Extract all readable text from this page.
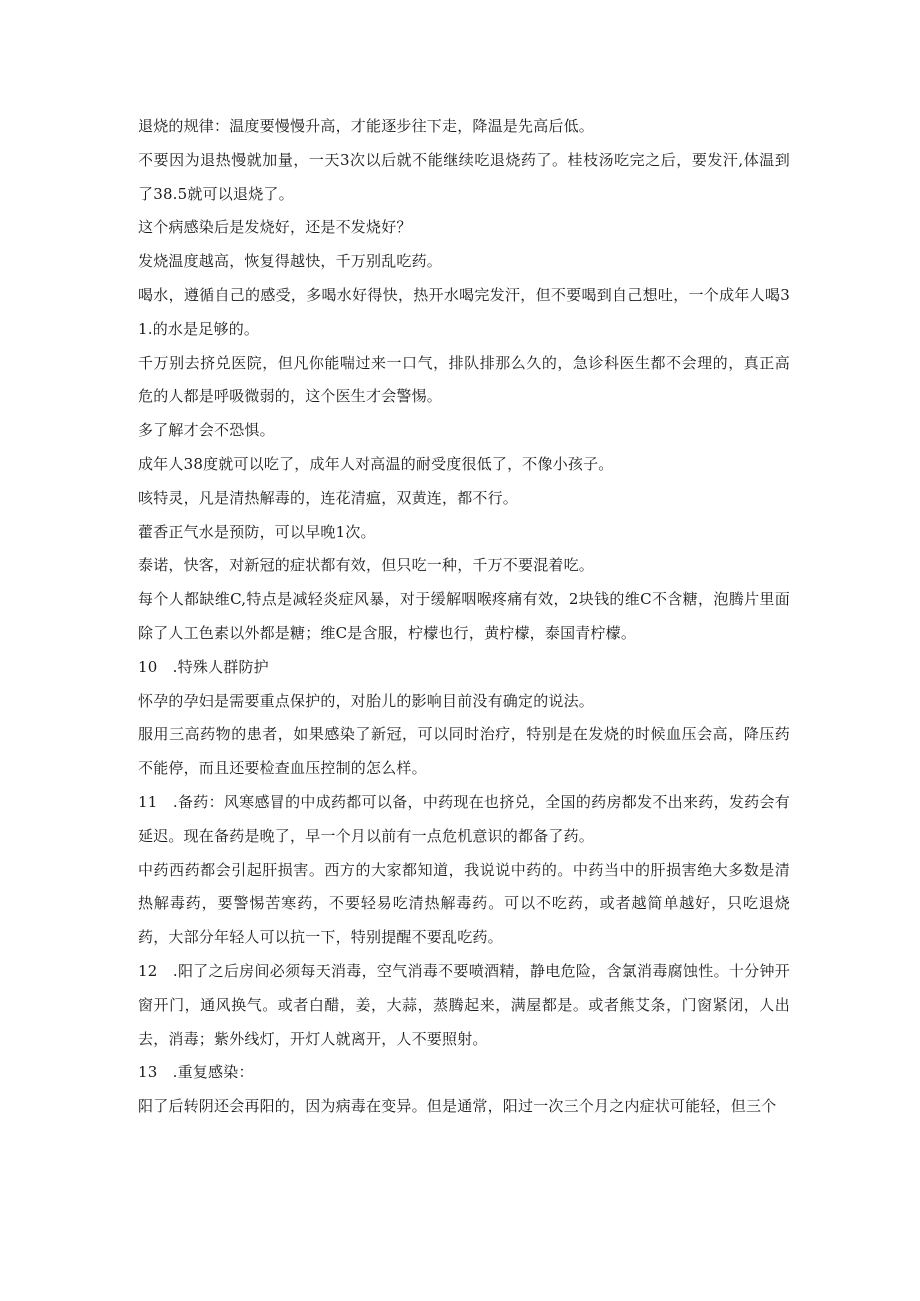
退烧的规律：温度要慢慢升高，才能逐步往下走，降温是先高后低。

不要因为退热慢就加量，一天3次以后就不能继续吃退烧药了。桂枝汤吃完之后，要发汗,体温到了38.5就可以退烧了。

这个病感染后是发烧好，还是不发烧好？

发烧温度越高，恢复得越快，千万别乱吃药。

喝水，遵循自己的感受，多喝水好得快，热开水喝完发汗，但不要喝到自己想吐，一个成年人喝31.的水是足够的。

千万别去挤兑医院，但凡你能喘过来一口气，排队排那么久的，急诊科医生都不会理的，真正高危的人都是呼吸微弱的，这个医生才会警惕。

多了解才会不恐惧。

成年人38度就可以吃了，成年人对高温的耐受度很低了，不像小孩子。

咳特灵，凡是清热解毒的，连花清瘟，双黄连，都不行。

藿香正气水是预防，可以早晚1次。

泰诺，快客，对新冠的症状都有效，但只吃一种，千万不要混着吃。

每个人都缺维C,特点是减轻炎症风暴，对于缓解咽喉疼痛有效，2块钱的维C不含糖，泡腾片里面除了人工色素以外都是糖；维C是含服，柠檬也行，黄柠檬，泰国青柠檬。

10　.特殊人群防护

怀孕的孕妇是需要重点保护的，对胎儿的影响目前没有确定的说法。

服用三高药物的患者，如果感染了新冠，可以同时治疗，特别是在发烧的时候血压会高，降压药不能停，而且还要检查血压控制的怎么样。

11　.备药：风寒感冒的中成药都可以备，中药现在也挤兑，全国的药房都发不出来药，发药会有延迟。现在备药是晚了，早一个月以前有一点危机意识的都备了药。

中药西药都会引起肝损害。西方的大家都知道，我说说中药的。中药当中的肝损害绝大多数是清热解毒药，要警惕苦寒药，不要轻易吃清热解毒药。可以不吃药，或者越简单越好，只吃退烧药，大部分年轻人可以抗一下，特别提醒不要乱吃药。

12　.阳了之后房间必须每天消毒，空气消毒不要喷酒精，静电危险，含氯消毒腐蚀性。十分钟开窗开门，通风换气。或者白醋，姜，大蒜，蒸腾起来，满屋都是。或者熊艾条，门窗紧闭，人出去，消毒；紫外线灯，开灯人就离开，人不要照射。

13　.重复感染：

阳了后转阴还会再阳的，因为病毒在变异。但是通常，阳过一次三个月之内症状可能轻，但三个
